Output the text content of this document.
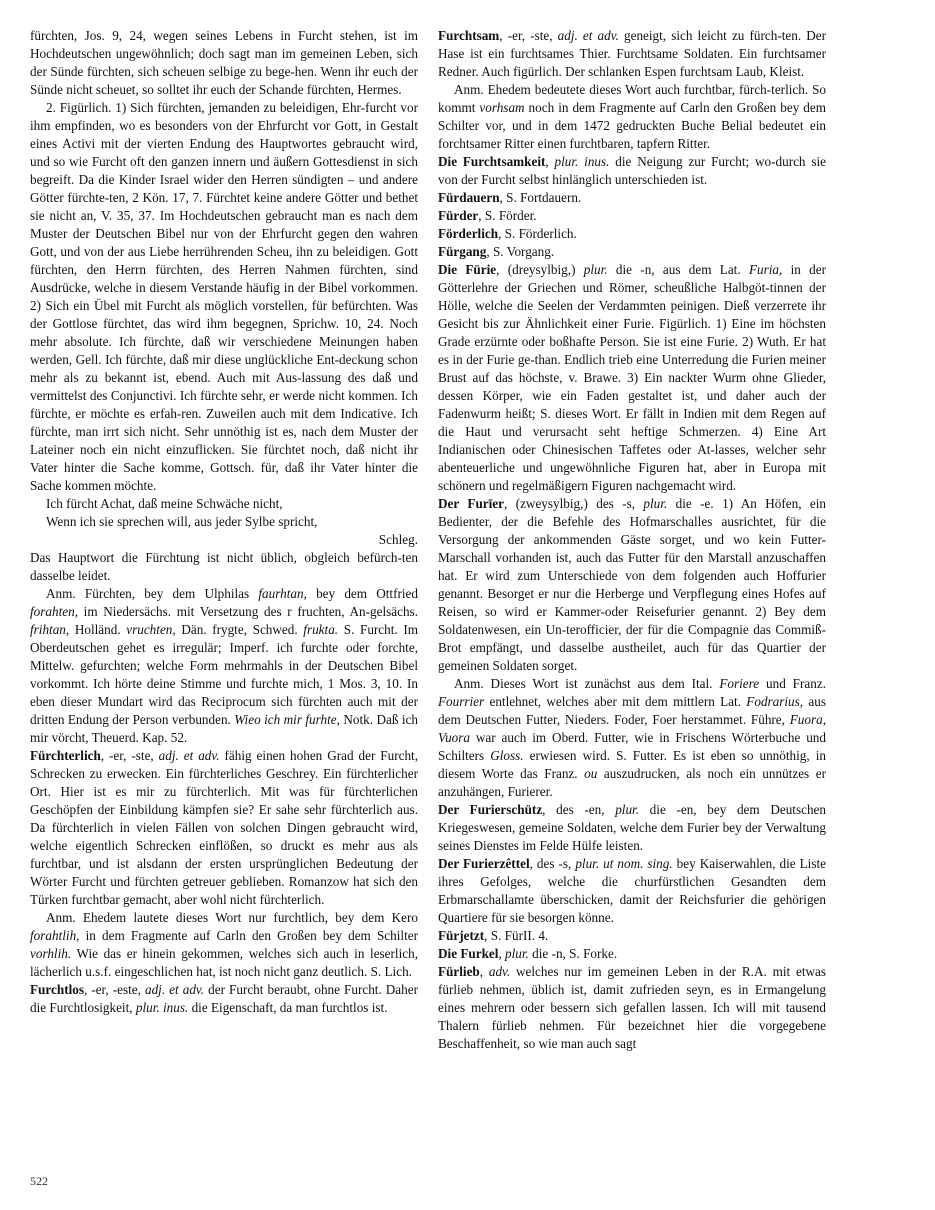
fürchten, Jos. 9, 24, wegen seines Lebens in Furcht stehen, ist im Hochdeutschen ungewöhnlich; doch sagt man im gemeinen Leben, sich der Sünde fürchten, sich scheuen selbige zu bege-hen. Wenn ihr euch der Sünde nicht scheuet, so solltet ihr euch der Schande fürchten, Hermes.

2. Figürlich. 1) Sich fürchten, jemanden zu beleidigen, Ehr-furcht vor ihm empfinden, wo es besonders von der Ehrfurcht vor Gott, in Gestalt eines Activi mit der vierten Endung des Hauptwortes gebraucht wird, und so wie Furcht oft den ganzen innern und äußern Gottesdienst in sich begreift. Da die Kinder Israel wider den Herren sündigten – und andere Götter fürchte-ten, 2 Kön. 17, 7. Fürchtet keine andere Götter und bethet sie nicht an, V. 35, 37. Im Hochdeutschen gebraucht man es nach dem Muster der Deutschen Bibel nur von der Ehrfurcht gegen den wahren Gott, und von der aus Liebe herrührenden Scheu, ihn zu beleidigen. Gott fürchten, den Herrn fürchten, des Herren Nahmen fürchten, sind Ausdrücke, welche in diesem Verstande häufig in der Bibel vorkommen. 2) Sich ein Übel mit Furcht als möglich vorstellen, für befürchten. Was der Gottlose fürchtet, das wird ihm begegnen, Sprichw. 10, 24. Noch mehr absolute. Ich fürchte, daß wir verschiedene Meinungen haben werden, Gell. Ich fürchte, daß mir diese unglückliche Ent-deckung schon mehr als zu bekannt ist, ebend. Auch mit Aus-lassung des daß und vermittelst des Conjunctivi. Ich fürchte sehr, er werde nicht kommen. Ich fürchte, er möchte es erfah-ren. Zuweilen auch mit dem Indicative. Ich fürchte, man irrt sich nicht. Sehr unnöthig ist es, nach dem Muster der Lateiner noch ein nicht einzuflicken. Sie fürchtet noch, daß nicht ihr Vater hinter die Sache komme, Gottsch. für, daß ihr Vater hinter die Sache kommen möchte.

Ich fürcht Achat, daß meine Schwäche nicht,

Wenn ich sie sprechen will, aus jeder Sylbe spricht,

Schleg.

Das Hauptwort die Fürchtung ist nicht üblich, obgleich befürch-ten dasselbe leidet.

Anm. Fürchten, bey dem Ulphilas faurhtan, bey dem Ottfried forahten, im Niedersächs. mit Versetzung des r fruchten, An-gelsächs. frihtan, Holländ. vruchten, Dän. frygte, Schwed. frukta. S. Furcht. Im Oberdeutschen gehet es irregulär; Imperf. ich furchte oder forchte, Mittelw. gefurchten; welche Form mehrmahls in der Deutschen Bibel vorkommt. Ich hörte deine Stimme und furchte mich, 1 Mos. 3, 10. In eben dieser Mundart wird das Reciprocum sich fürchten auch mit der dritten Endung der Person verbunden. Wieo ich mir furhte, Notk. Daß ich mir vörcht, Theuerd. Kap. 52.

Fürchterlich, -er, -ste, adj. et adv. fähig einen hohen Grad der Furcht, Schrecken zu erwecken. Ein fürchterliches Geschrey. Ein fürchterlicher Ort. Hier ist es mir zu fürchterlich. Mit was für fürchterlichen Geschöpfen der Einbildung kämpfen sie? Er sahe sehr fürchterlich aus. Da fürchterlich in vielen Fällen von solchen Dingen gebraucht wird, welche eigentlich Schrecken einflößen, so druckt es mehr aus als furchtbar, und ist alsdann der ersten ursprünglichen Bedeutung der Wörter Furcht und fürchten getreuer geblieben. Romanzow hat sich den Türken furchtbar gemacht, aber wohl nicht fürchterlich.

Anm. Ehedem lautete dieses Wort nur furchtlich, bey dem Kero forahtlih, in dem Fragmente auf Carln den Großen bey dem Schilter vorhlih. Wie das er hinein gekommen, welches sich auch in leserlich, lächerlich u.s.f. eingeschlichen hat, ist noch nicht ganz deutlich. S. Lich.

Furchtlos, -er, -este, adj. et adv. der Furcht beraubt, ohne Furcht. Daher die Furchtlosigkeit, plur. inus. die Eigenschaft, da man furchtlos ist.

Furchtsam, -er, -ste, adj. et adv. geneigt, sich leicht zu fürch-ten. Der Hase ist ein furchtsames Thier. Furchtsame Soldaten. Ein furchtsamer Redner. Auch figürlich. Der schlanken Espen furchtsam Laub, Kleist.

Anm. Ehedem bedeutete dieses Wort auch furchtbar, fürch-terlich. So kommt vorhsam noch in dem Fragmente auf Carln den Großen bey dem Schilter vor, und in dem 1472 gedruckten Buche Belial bedeutet ein forchtsamer Ritter einen furchtbaren, tapfern Ritter.

Die Furchtsamkeit, plur. inus. die Neigung zur Furcht; wo-durch sie von der Furcht selbst hinlänglich unterschieden ist.

Fürdauern, S. Fortdauern.

Fürder, S. Förder.

Förderlich, S. Förderlich.

Fürgang, S. Vorgang.

Die Fürie, (dreysylbig,) plur. die -n, aus dem Lat. Furia, in der Götterlehre der Griechen und Römer, scheußliche Halbgöt-tinnen der Hölle, welche die Seelen der Verdammten peinigen. Dieß verzerrete ihr Gesicht bis zur Ähnlichkeit einer Furie. Figürlich. 1) Eine im höchsten Grade erzürnte oder boßhafte Person. Sie ist eine Furie. 2) Wuth. Er hat es in der Furie ge-than. Endlich trieb eine Unterredung die Furien meiner Brust auf das höchste, v. Brawe. 3) Ein nackter Wurm ohne Glieder, dessen Körper, wie ein Faden gestaltet ist, und daher auch der Fadenwurm heißt; S. dieses Wort. Er fällt in Indien mit dem Regen auf die Haut und verursacht seht heftige Schmerzen. 4) Eine Art Indianischen oder Chinesischen Taffetes oder At-lasses, welcher sehr abenteuerliche und ungewöhnliche Figuren hat, aber in Europa mit schönern und regelmäßigern Figuren nachgemacht wird.

Der Furīer, (zweysylbig,) des -s, plur. die -e. 1) An Höfen, ein Bedienter, der die Befehle des Hofmarschalles ausrichtet, für die Versorgung der ankommenden Gäste sorget, und wo kein Futter-Marschall vorhanden ist, auch das Futter für den Marstall anzuschaffen hat. Er wird zum Unterschiede von dem folgenden auch Hoffurier genannt. Besorget er nur die Herberge und Verpflegung eines Hofes auf Reisen, so wird er Kammer-oder Reisefurier genannt. 2) Bey dem Soldatenwesen, ein Un-terofficier, der für die Compagnie das Commiß-Brot empfängt, und dasselbe austheilet, auch für das Quartier der gemeinen Soldaten sorget.

Anm. Dieses Wort ist zunächst aus dem Ital. Foriere und Franz. Fourrier entlehnet, welches aber mit dem mittlern Lat. Fodrarius, aus dem Deutschen Futter, Nieders. Foder, Foer herstammet. Führe, Fuora, Vuora war auch im Oberd. Futter, wie in Frischens Wörterbuche und Schilters Gloss. erwiesen wird. S. Futter. Es ist eben so unnöthig, in diesem Worte das Franz. ou auszudrucken, als noch ein unnützes er anzuhängen, Furierer.

Der Furierschütz, des -en, plur. die -en, bey dem Deutschen Kriegeswesen, gemeine Soldaten, welche dem Furier bey der Verwaltung seines Dienstes im Felde Hülfe leisten.

Der Furierzêttel, des -s, plur. ut nom. sing. bey Kaiserwahlen, die Liste ihres Gefolges, welche die churfürstlichen Gesandten dem Erbmarschallamte überschicken, damit der Reichsfurier die gehörigen Quartiere für sie besorgen könne.

Fürjetzt, S. FürII. 4.

Die Furkel, plur. die -n, S. Forke.

Fürlieb, adv. welches nur im gemeinen Leben in der R.A. mit etwas fürlieb nehmen, üblich ist, damit zufrieden seyn, es in Ermangelung eines mehrern oder bessern sich gefallen lassen. Ich will mit tausend Thalern fürlieb nehmen. Für bezeichnet hier die vorgegebene Beschaffenheit, so wie man auch sagt

522
